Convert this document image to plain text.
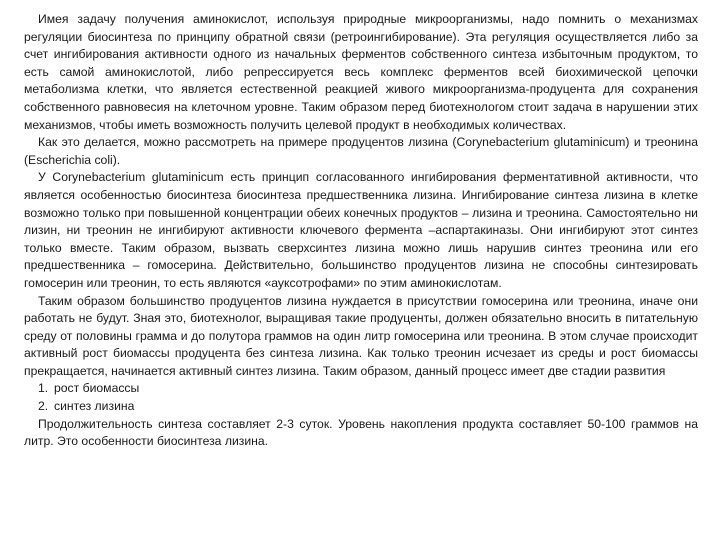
Имея задачу получения аминокислот, используя природные микроорганизмы, надо помнить о механизмах регуляции биосинтеза по принципу обратной связи (ретроингибирование). Эта регуляция осуществляется либо за счет ингибирования активности одного из начальных ферментов собственного синтеза избыточным продуктом, то есть самой аминокислотой, либо репрессируется весь комплекс ферментов всей биохимической цепочки метаболизма клетки, что является естественной реакцией живого микроорганизма-продуцента для сохранения собственного равновесия на клеточном уровне. Таким образом перед биотехнологом стоит задача в нарушении этих механизмов, чтобы иметь возможность получить целевой продукт в необходимых количествах.

Как это делается, можно рассмотреть на примере продуцентов лизина (Corynebacterium glutaminicum) и треонина (Escherichia coli).

У Corynebacterium glutaminicum есть принцип согласованного ингибирования ферментативной активности, что является особенностью биосинтеза биосинтеза предшественника лизина. Ингибирование синтеза лизина в клетке возможно только при повышенной концентрации обеих конечных продуктов – лизина и треонина. Самостоятельно ни лизин, ни треонин не ингибируют активности ключевого фермента –аспартакиназы. Они ингибируют этот синтез только вместе. Таким образом, вызвать сверхсинтез лизина можно лишь нарушив синтез треонина или его предшественника – гомосерина. Действительно, большинство продуцентов лизина не способны синтезировать гомосерин или треонин, то есть являются «ауксотрофами» по этим аминокислотам.

Таким образом большинство продуцентов лизина нуждается в присутствии гомосерина или треонина, иначе они работать не будут. Зная это, биотехнолог, выращивая такие продуценты, должен обязательно вносить в питательную среду от половины грамма и до полутора граммов на один литр гомосерина или треонина. В этом случае происходит активный рост биомассы продуцента без синтеза лизина. Как только треонин исчезает из среды и рост биомассы прекращается, начинается активный синтез лизина. Таким образом, данный процесс имеет две стадии развития

1. рост биомассы
2. синтез лизина

Продолжительность синтеза составляет 2-3 суток. Уровень накопления продукта составляет 50-100 граммов на литр. Это особенности биосинтеза лизина.
